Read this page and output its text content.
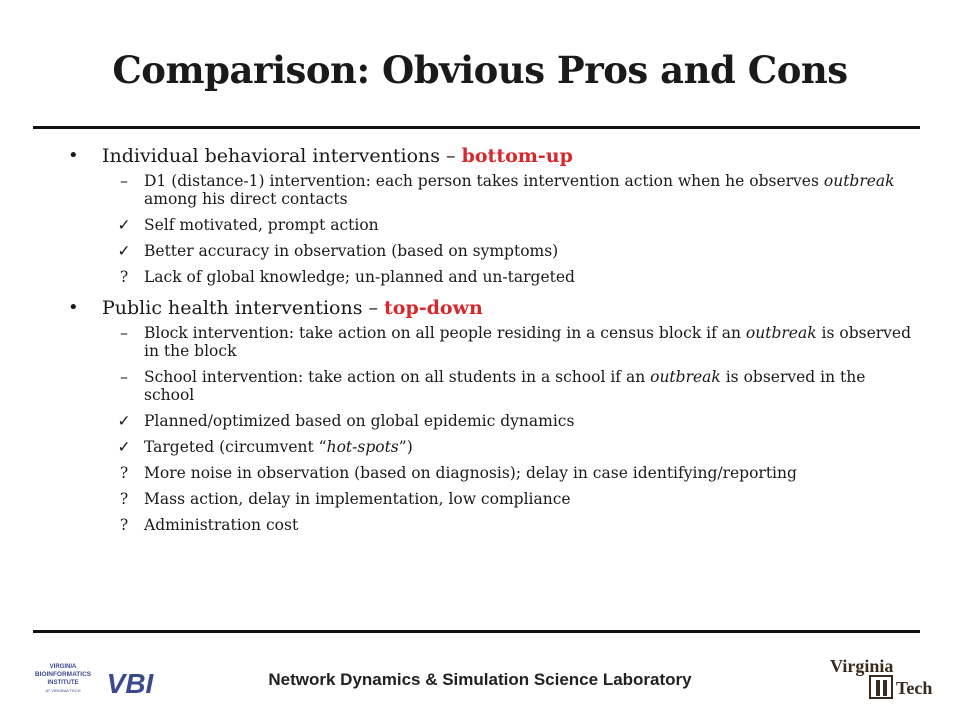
Comparison: Obvious Pros and Cons
• Individual behavioral interventions – bottom-up
–	D1 (distance-1) intervention: each person takes intervention action when he observes outbreak among his direct contacts
✓ Self motivated, prompt action
✓ Better accuracy in observation (based on symptoms)
?	Lack of global knowledge; un-planned and un-targeted
• Public health interventions – top-down
–	Block intervention: take action on all people residing in a census block if an outbreak is observed in the block
–	School intervention: take action on all students in a school if an outbreak is observed in the school
✓ Planned/optimized based on global epidemic dynamics
✓ Targeted (circumvent “hot-spots”)
?	More noise in observation (based on diagnosis); delay in case identifying/reporting
?	Mass action, delay in implementation, low compliance
?	Administration cost
VIRGINIA
BIOINFORMATICS
INSTITUTE
AT VIRGINIA TECH VBI	Network Dynamics & Simulation Science Laboratory
Virginia
Tech
